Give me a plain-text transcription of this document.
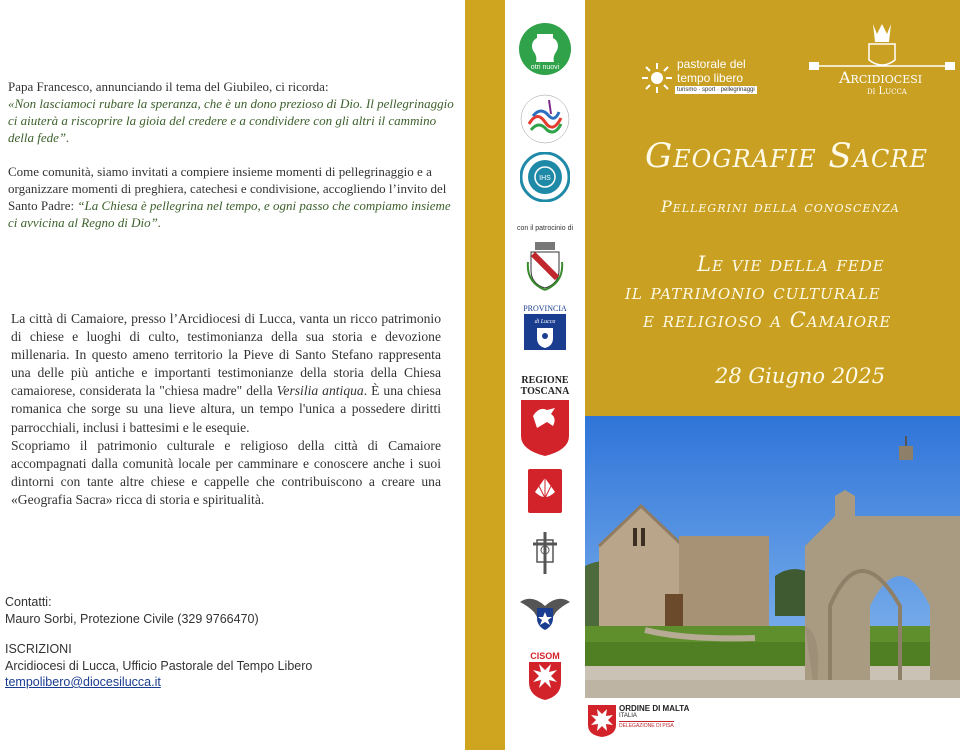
Papa Francesco, annunciando il tema del Giubileo, ci ricorda:
«Non lasciamoci rubare la speranza, che è un dono prezioso di Dio. Il pellegrinaggio ci aiuterà a riscoprire la gioia del credere e a condividere con gli altri il cammino della fede”.

Come comunità, siamo invitati a compiere insieme momenti di pellegrinaggio e a organizzare momenti di preghiera, catechesi e condivisione, accogliendo l’invito del Santo Padre: “La Chiesa è pellegrina nel tempo, e ogni passo che compiamo insieme ci avvicina al Regno di Dio”.

La città di Camaiore, presso l’Arcidiocesi di Lucca, vanta un ricco patrimonio di chiese e luoghi di culto, testimonianza della sua storia e devozione millenaria. In questo ameno territorio la Pieve di Santo Stefano rappresenta una delle più antiche e importanti testimonianze della storia della Chiesa camaiorese, considerata la "chiesa madre" della Versilia antiqua. È una chiesa romanica che sorge su una lieve altura, un tempo l'unica a possedere diritti parrocchiali, inclusi i battesimi e le esequie.
Scopriamo il patrimonio culturale e religioso della città di Camaiore accompagnati dalla comunità locale per camminare e conoscere anche i suoi dintorni con tante altre chiese e cappelle che contribuiscono a creare una «Geografia Sacra» ricca di storia e spiritualità.
Contatti:
Mauro Sorbi, Protezione Civile (329 9766470)
ISCRIZIONI
Arcidiocesi di Lucca, Ufficio Pastorale del Tempo Libero
tempolibero@diocesilucca.it
otri nuovi
IHS
con il patrocinio di
PROVINCIA
di Lucca
REGIONE
TOSCANA
CISOM
pastorale del
tempo libero
turismo · sport · pellegrinaggi
Arcidiocesi
di Lucca
Geografie Sacre
Pellegrini della conoscenza
Le vie della fede
il patrimonio culturale
e religioso a Camaiore
28 Giugno 2025
ORDINE DI MALTA
ITALIA
DELEGAZIONE DI PISA
